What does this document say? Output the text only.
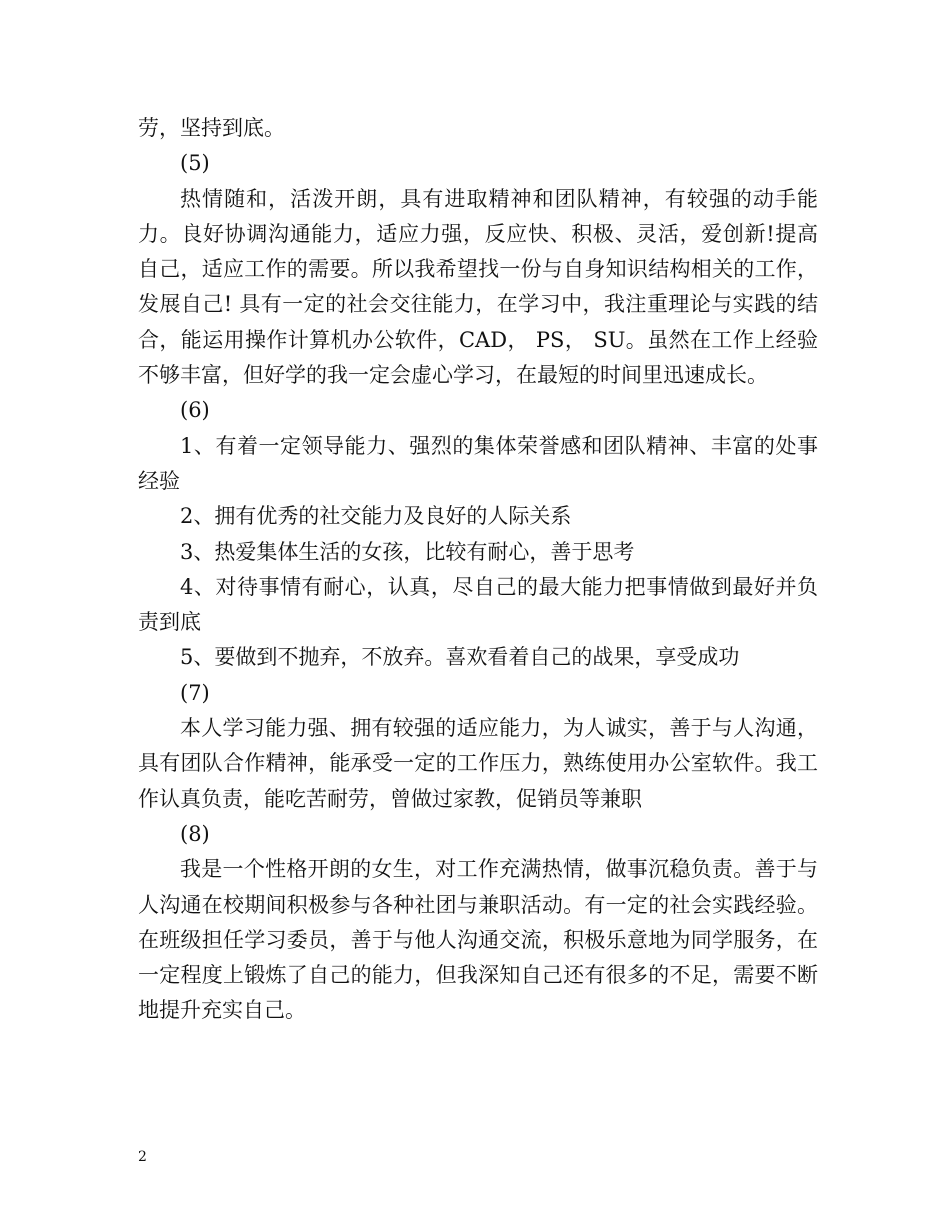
劳，坚持到底。

(5)

热情随和，活泼开朗，具有进取精神和团队精神，有较强的动手能力。良好协调沟通能力，适应力强，反应快、积极、灵活，爱创新!提高自己，适应工作的需要。所以我希望找一份与自身知识结构相关的工作，发展自己! 具有一定的社会交往能力，在学习中，我注重理论与实践的结合，能运用操作计算机办公软件，CAD， PS， SU。虽然在工作上经验不够丰富，但好学的我一定会虚心学习，在最短的时间里迅速成长。

(6)

1、有着一定领导能力、强烈的集体荣誉感和团队精神、丰富的处事经验

2、拥有优秀的社交能力及良好的人际关系

3、热爱集体生活的女孩，比较有耐心，善于思考

4、对待事情有耐心，认真，尽自己的最大能力把事情做到最好并负责到底

5、要做到不抛弃，不放弃。喜欢看着自己的战果，享受成功

(7)

本人学习能力强、拥有较强的适应能力，为人诚实，善于与人沟通，具有团队合作精神，能承受一定的工作压力，熟练使用办公室软件。我工作认真负责，能吃苦耐劳，曾做过家教，促销员等兼职

(8)

我是一个性格开朗的女生，对工作充满热情，做事沉稳负责。善于与人沟通在校期间积极参与各种社团与兼职活动。有一定的社会实践经验。在班级担任学习委员，善于与他人沟通交流，积极乐意地为同学服务，在一定程度上锻炼了自己的能力，但我深知自己还有很多的不足，需要不断地提升充实自己。

2
